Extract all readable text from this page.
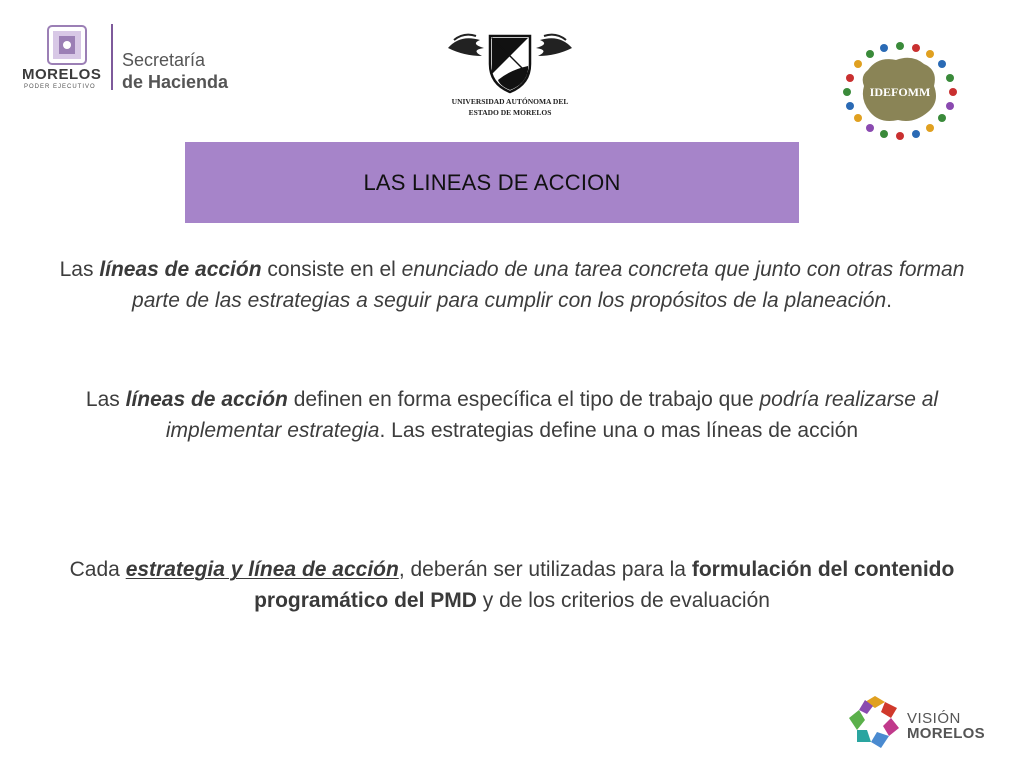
MORELOS
PODER EJECUTIVO
Secretaría
de Hacienda
UNIVERSIDAD AUTÓNOMA DEL
ESTADO DE MORELOS
IDEFOMM
LAS LINEAS DE ACCION
Las líneas de acción consiste en el enunciado de una tarea concreta que junto con otras forman parte de las estrategias a seguir para cumplir con los propósitos de la planeación.
Las líneas de acción definen en forma específica el tipo de trabajo que podría realizarse al implementar estrategia. Las estrategias define una o mas líneas de acción
Cada estrategia y línea de acción, deberán ser utilizadas para la formulación del contenido programático del PMD y de los criterios de evaluación
VISIÓN
MORELOS
